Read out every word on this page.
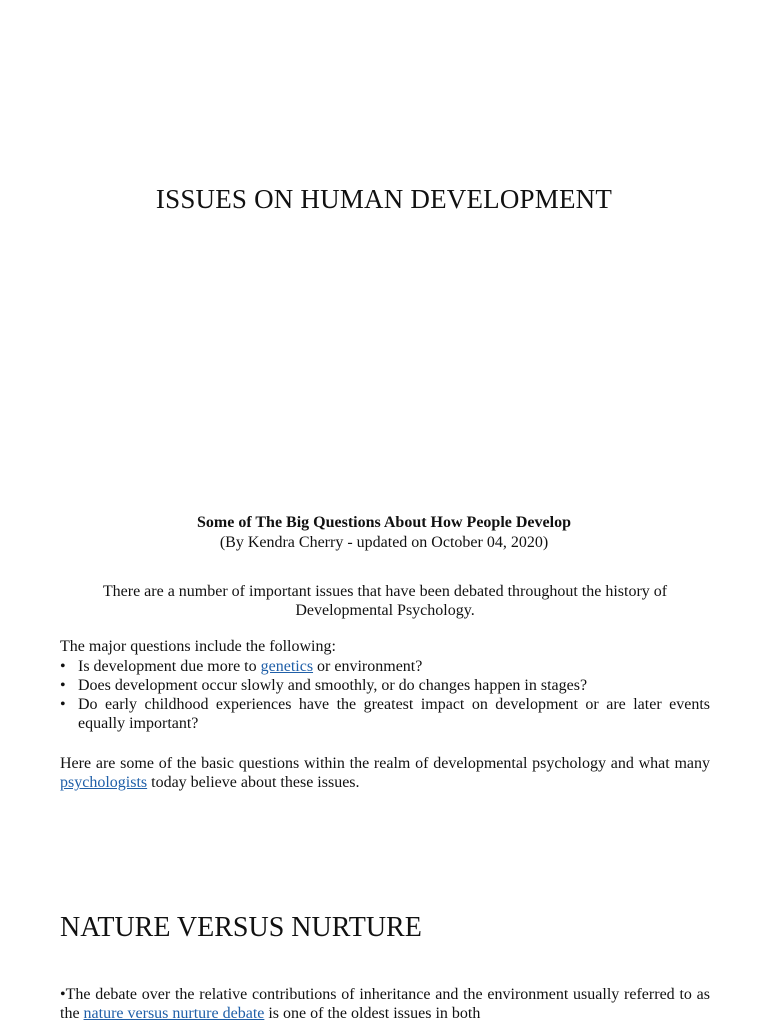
ISSUES ON HUMAN DEVELOPMENT

Some of The Big Questions About How People Develop

(By Kendra Cherry - updated on October 04, 2020)

There are a number of important issues that have been debated throughout the history of Developmental Psychology.

The major questions include the following:

• Is development due more to genetics or environment?
• Does development occur slowly and smoothly, or do changes happen in stages?
• Do early childhood experiences have the greatest impact on development or are later events equally important?

Here are some of the basic questions within the realm of developmental psychology and what many psychologists today believe about these issues.

NATURE VERSUS NURTURE

•The debate over the relative contributions of inheritance and the environment usually referred to as the nature versus nurture debate is one of the oldest issues in both
